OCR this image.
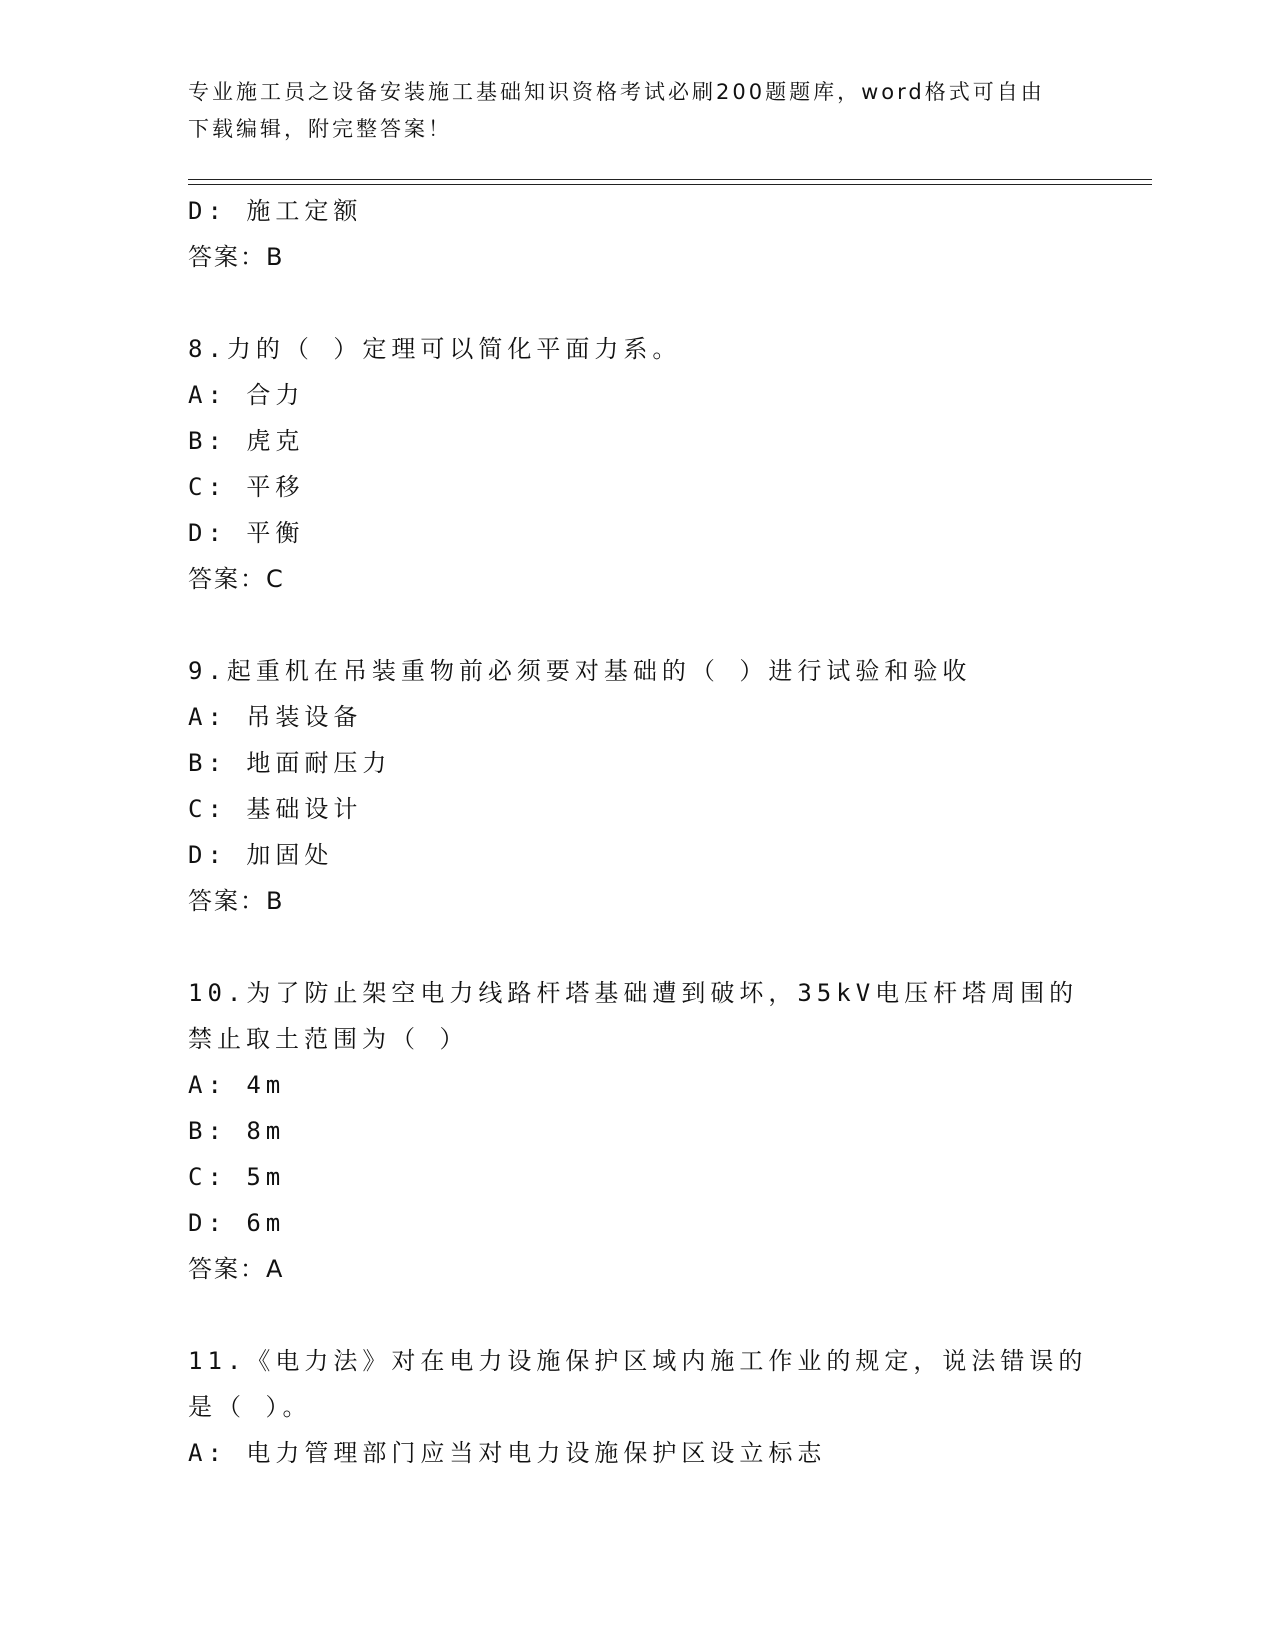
专业施工员之设备安装施工基础知识资格考试必刷200题题库，word格式可自由下载编辑，附完整答案！
D: 施工定额
答案：B
8.力的（ ）定理可以简化平面力系。
A: 合力
B: 虎克
C: 平移
D: 平衡
答案：C
9.起重机在吊装重物前必须要对基础的（ ）进行试验和验收
A: 吊装设备
B: 地面耐压力
C: 基础设计
D: 加固处
答案：B
10.为了防止架空电力线路杆塔基础遭到破坏，35kV电压杆塔周围的禁止取土范围为（ ）
A: 4m
B: 8m
C: 5m
D: 6m
答案：A
11.《电力法》对在电力设施保护区域内施工作业的规定，说法错误的是（ ）。
A: 电力管理部门应当对电力设施保护区设立标志
